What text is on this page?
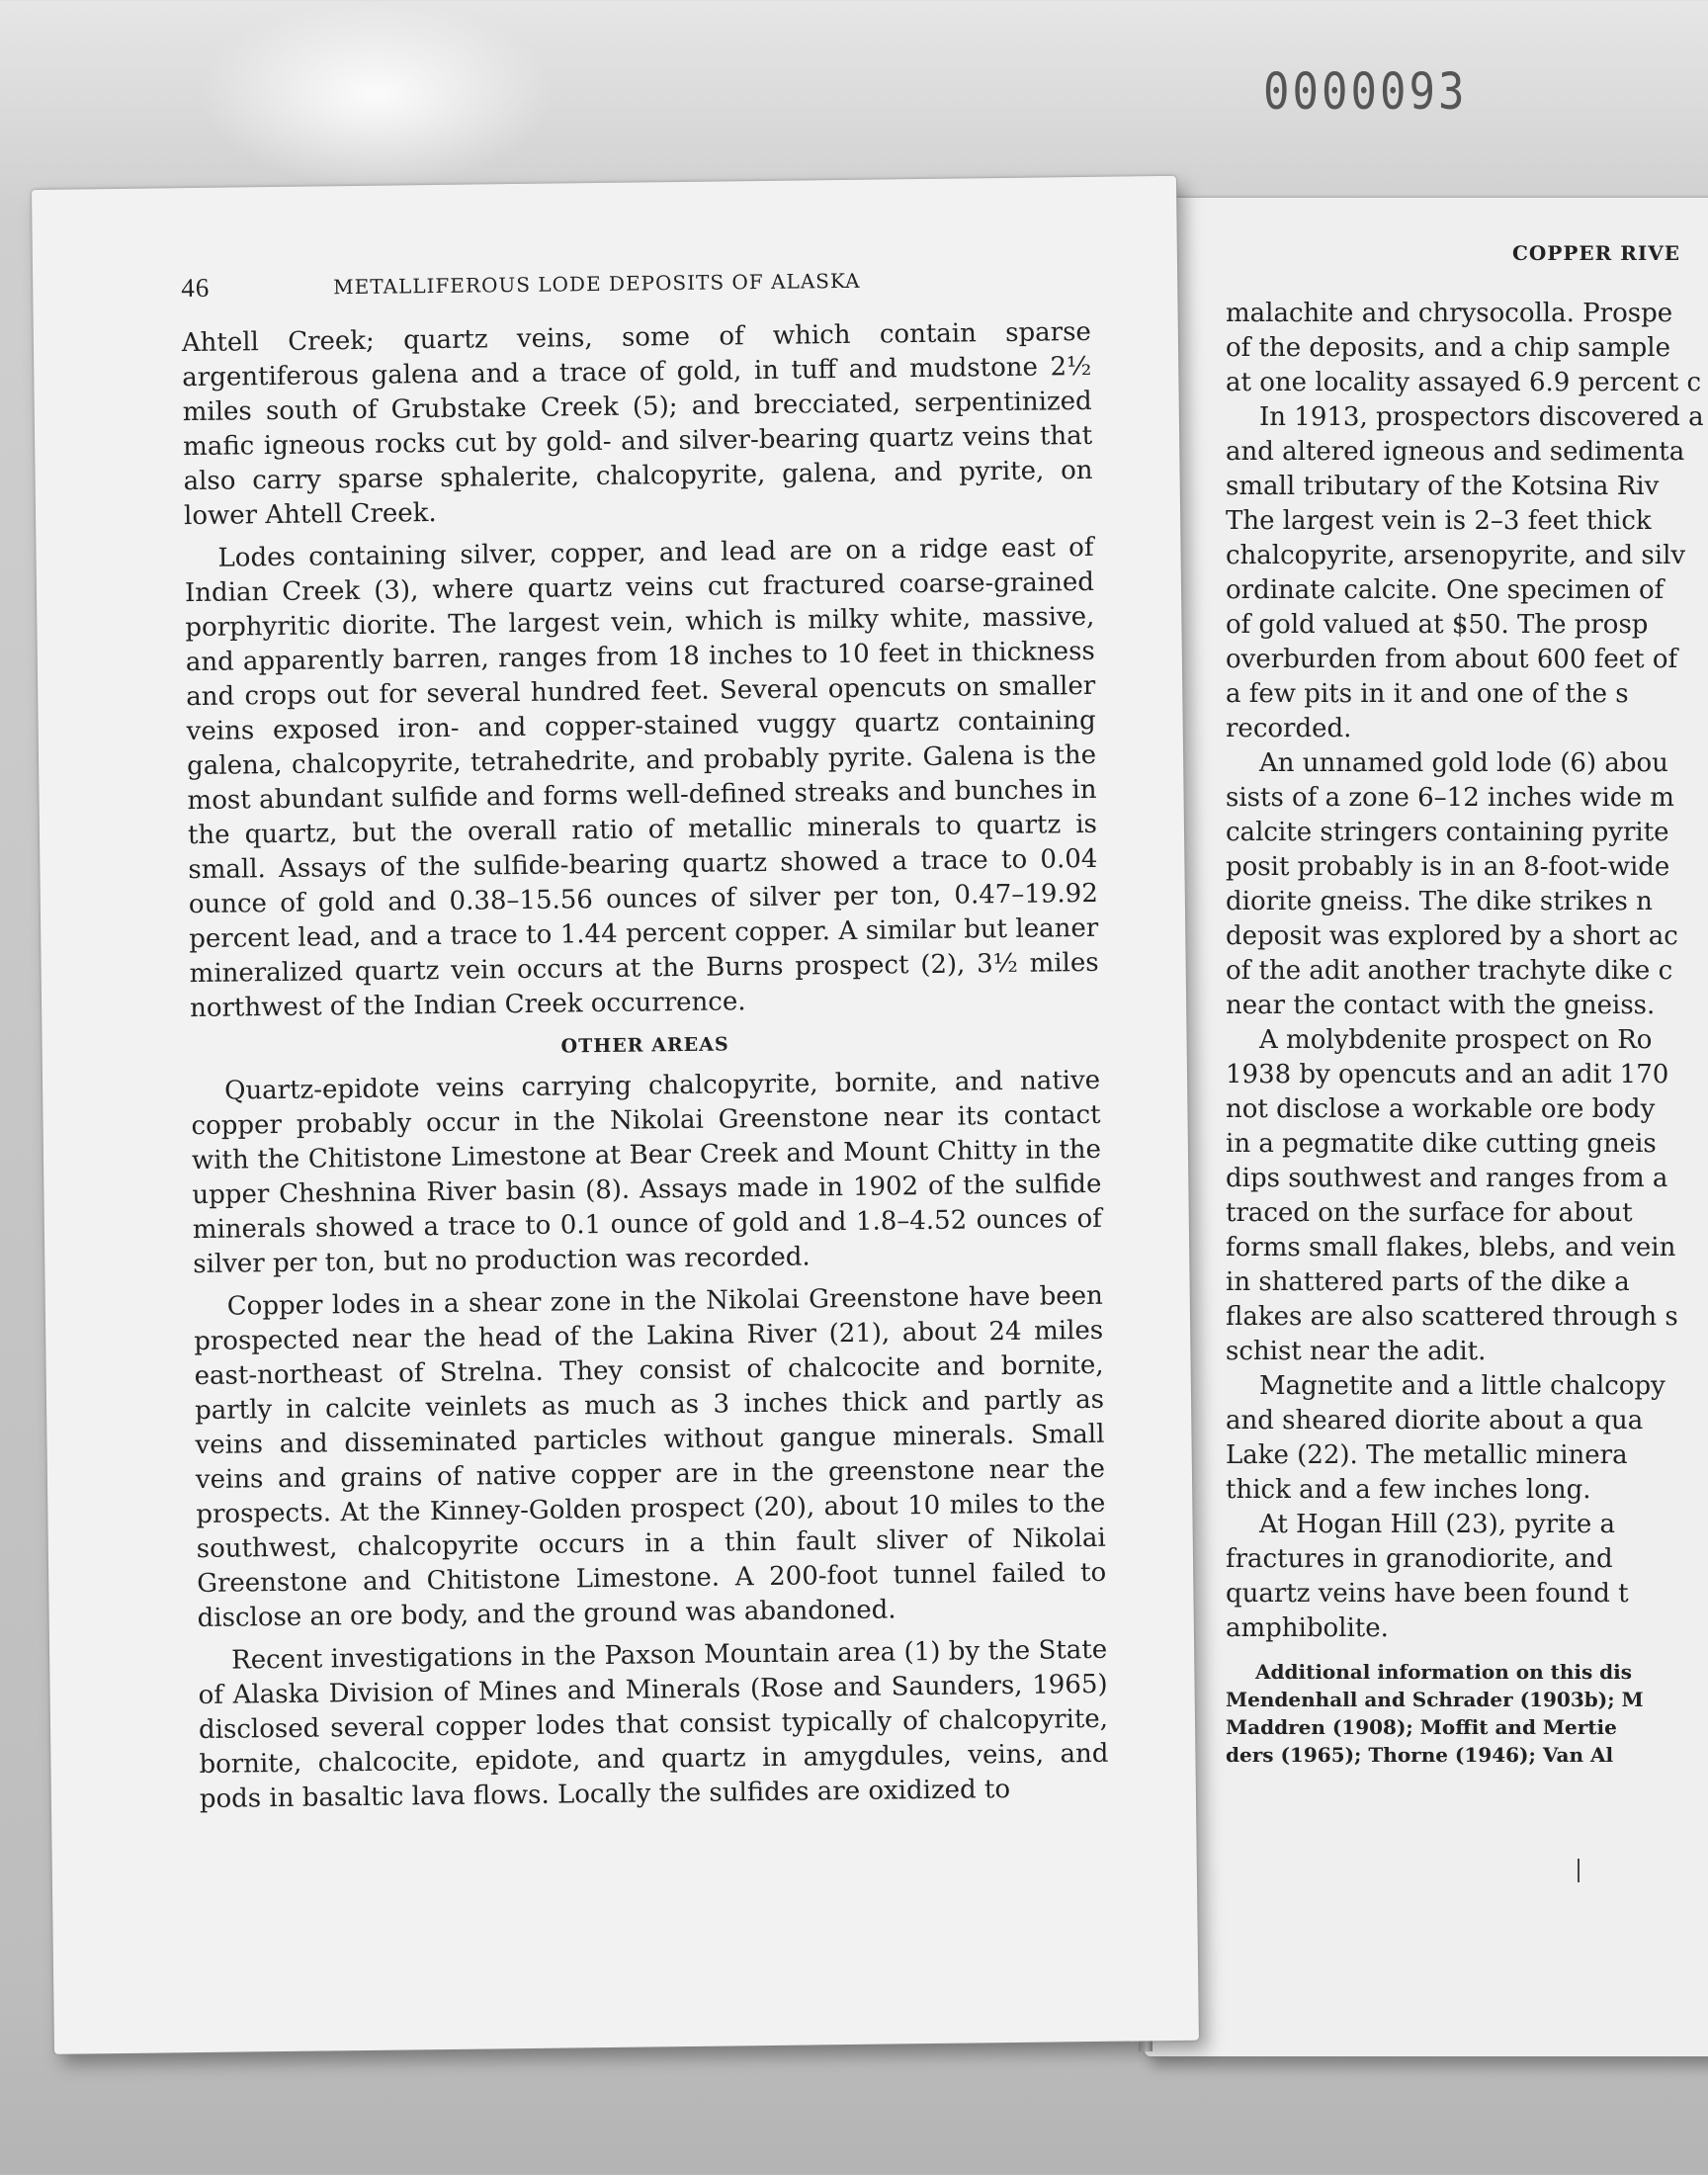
0000093
COPPER RIVE
malachite and chrysocolla. Prospe
of the deposits, and a chip sample
at one locality assayed 6.9 percent c
In 1913, prospectors discovered a
and altered igneous and sedimenta
small tributary of the Kotsina Riv
The largest vein is 2–3 feet thick
chalcopyrite, arsenopyrite, and silv
ordinate calcite. One specimen of
of gold valued at $50. The prosp
overburden from about 600 feet of
a few pits in it and one of the s
recorded.
An unnamed gold lode (6) abou
sists of a zone 6–12 inches wide m
calcite stringers containing pyrite
posit probably is in an 8-foot-wide
diorite gneiss. The dike strikes n
deposit was explored by a short ac
of the adit another trachyte dike c
near the contact with the gneiss.
A molybdenite prospect on Ro
1938 by opencuts and an adit 170
not disclose a workable ore body
in a pegmatite dike cutting gneis
dips southwest and ranges from a
traced on the surface for about
forms small flakes, blebs, and vein
in shattered parts of the dike a
flakes are also scattered through s
schist near the adit.
Magnetite and a little chalcopy
and sheared diorite about a qua
Lake (22). The metallic minera
thick and a few inches long.
At Hogan Hill (23), pyrite a
fractures in granodiorite, and
quartz veins have been found t
amphibolite.
Additional information on this dis
Mendenhall and Schrader (1903b); M
Maddren (1908); Moffit and Mertie
ders (1965); Thorne (1946); Van Al
46	METALLIFEROUS LODE DEPOSITS OF ALASKA

Ahtell Creek; quartz veins, some of which contain sparse argentiferous galena and a trace of gold, in tuff and mudstone 2½ miles south of Grubstake Creek (5); and brecciated, serpentinized mafic igneous rocks cut by gold- and silver-bearing quartz veins that also carry sparse sphalerite, chalcopyrite, galena, and pyrite, on lower Ahtell Creek.

Lodes containing silver, copper, and lead are on a ridge east of Indian Creek (3), where quartz veins cut fractured coarse-grained porphyritic diorite. The largest vein, which is milky white, massive, and apparently barren, ranges from 18 inches to 10 feet in thickness and crops out for several hundred feet. Several opencuts on smaller veins exposed iron- and copper-stained vuggy quartz containing galena, chalcopyrite, tetrahedrite, and probably pyrite. Galena is the most abundant sulfide and forms well-defined streaks and bunches in the quartz, but the overall ratio of metallic minerals to quartz is small. Assays of the sulfide-bearing quartz showed a trace to 0.04 ounce of gold and 0.38–15.56 ounces of silver per ton, 0.47–19.92 percent lead, and a trace to 1.44 percent copper. A similar but leaner mineralized quartz vein occurs at the Burns prospect (2), 3½ miles northwest of the Indian Creek occurrence.

OTHER AREAS

Quartz-epidote veins carrying chalcopyrite, bornite, and native copper probably occur in the Nikolai Greenstone near its contact with the Chitistone Limestone at Bear Creek and Mount Chitty in the upper Cheshnina River basin (8). Assays made in 1902 of the sulfide minerals showed a trace to 0.1 ounce of gold and 1.8–4.52 ounces of silver per ton, but no production was recorded.

Copper lodes in a shear zone in the Nikolai Greenstone have been prospected near the head of the Lakina River (21), about 24 miles east-northeast of Strelna. They consist of chalcocite and bornite, partly in calcite veinlets as much as 3 inches thick and partly as veins and disseminated particles without gangue minerals. Small veins and grains of native copper are in the greenstone near the prospects. At the Kinney-Golden prospect (20), about 10 miles to the southwest, chalcopyrite occurs in a thin fault sliver of Nikolai Greenstone and Chitistone Limestone. A 200-foot tunnel failed to disclose an ore body, and the ground was abandoned.

Recent investigations in the Paxson Mountain area (1) by the State of Alaska Division of Mines and Minerals (Rose and Saunders, 1965) disclosed several copper lodes that consist typically of chalcopyrite, bornite, chalcocite, epidote, and quartz in amygdules, veins, and pods in basaltic lava flows. Locally the sulfides are oxidized to
